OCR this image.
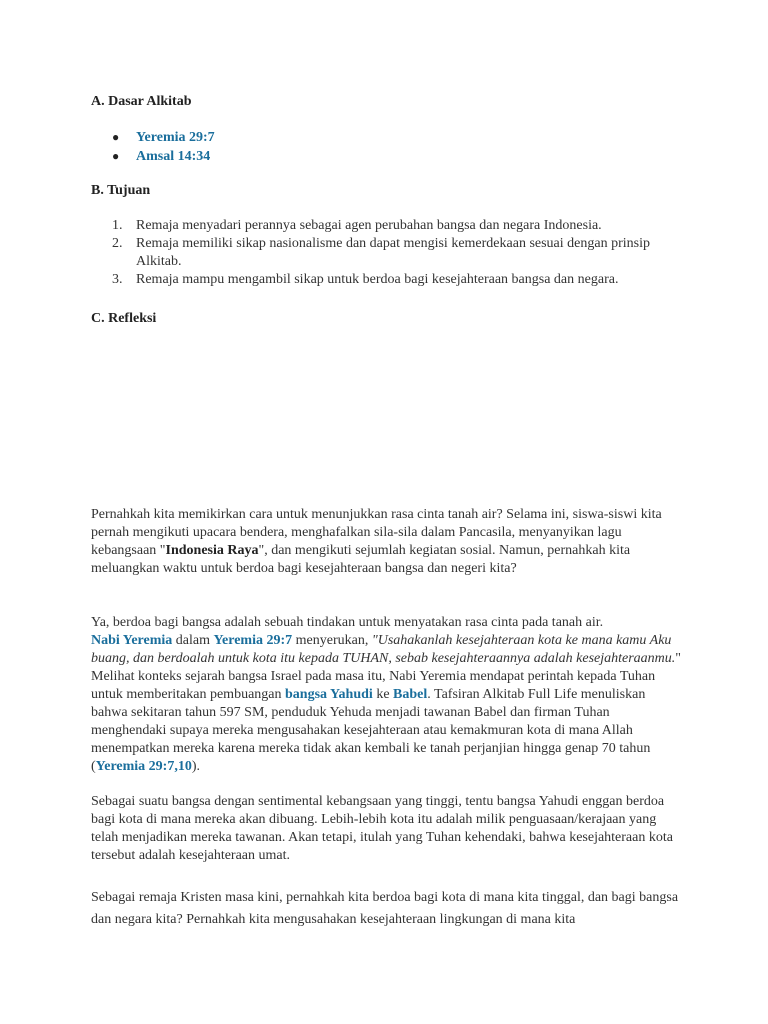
A. Dasar Alkitab
● Yeremia 29:7
● Amsal 14:34
B. Tujuan
1. Remaja menyadari perannya sebagai agen perubahan bangsa dan negara Indonesia.
2. Remaja memiliki sikap nasionalisme dan dapat mengisi kemerdekaan sesuai dengan prinsip Alkitab.
3. Remaja mampu mengambil sikap untuk berdoa bagi kesejahteraan bangsa dan negara.
C. Refleksi

Pernahkah kita memikirkan cara untuk menunjukkan rasa cinta tanah air? Selama ini, siswa-siswi kita pernah mengikuti upacara bendera, menghafalkan sila-sila dalam Pancasila, menyanyikan lagu kebangsaan "Indonesia Raya", dan mengikuti sejumlah kegiatan sosial. Namun, pernahkah kita meluangkan waktu untuk berdoa bagi kesejahteraan bangsa dan negeri kita?

Ya, berdoa bagi bangsa adalah sebuah tindakan untuk menyatakan rasa cinta pada tanah air.
Nabi Yeremia dalam Yeremia 29:7 menyerukan, "Usahakanlah kesejahteraan kota ke mana kamu Aku buang, dan berdoalah untuk kota itu kepada TUHAN, sebab kesejahteraannya adalah kesejahteraanmu." Melihat konteks sejarah bangsa Israel pada masa itu, Nabi Yeremia mendapat perintah kepada Tuhan untuk memberitakan pembuangan bangsa Yahudi ke Babel. Tafsiran Alkitab Full Life menuliskan bahwa sekitaran tahun 597 SM, penduduk Yehuda menjadi tawanan Babel dan firman Tuhan menghendaki supaya mereka mengusahakan kesejahteraan atau kemakmuran kota di mana Allah menempatkan mereka karena mereka tidak akan kembali ke tanah perjanjian hingga genap 70 tahun (Yeremia 29:7,10).

Sebagai suatu bangsa dengan sentimental kebangsaan yang tinggi, tentu bangsa Yahudi enggan berdoa bagi kota di mana mereka akan dibuang. Lebih-lebih kota itu adalah milik penguasaan/kerajaan yang telah menjadikan mereka tawanan. Akan tetapi, itulah yang Tuhan kehendaki, bahwa kesejahteraan kota tersebut adalah kesejahteraan umat.

Sebagai remaja Kristen masa kini, pernahkah kita berdoa bagi kota di mana kita tinggal, dan bagi bangsa dan negara kita? Pernahkah kita mengusahakan kesejahteraan lingkungan di mana kita
